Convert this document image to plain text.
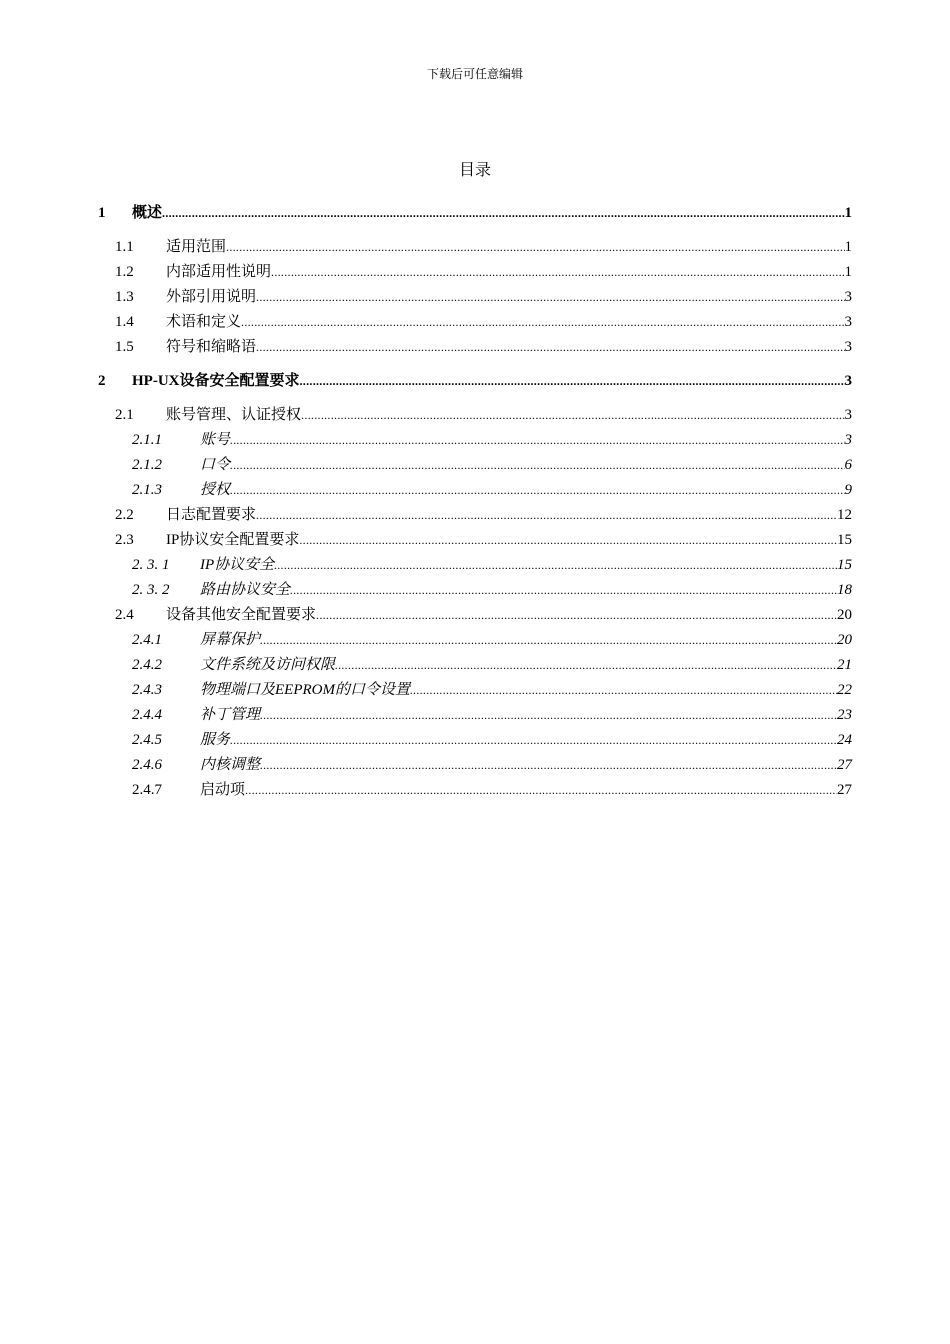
下载后可任意编辑
目录
1 概述 .....	1
1.1 适用范围 .....	1
1.2 内部适用性说明 .....	1
1.3 外部引用说明 .....	3
1.4 术语和定义 .....	3
1.5 符号和缩略语 .....	3
2 HP-UX设备安全配置要求 .....	3
2.1 账号管理、认证授权 .....	3
2.1.1	账号 .....	3
2.1.2	口令 .....	6
2.1.3	授权 .....	9
2.2 日志配置要求 .....	12
2.3 IP协议安全配置要求 .....	15
2. 3. 1 IP协议安全 .....	15
2. 3. 2 路由协议安全 .....	18
2.4 设备其他安全配置要求 .....	20
2.4.1	屏幕保护 .....	20
2.4.2	文件系统及访问权限 .....	21
2.4.3	物理端口及EEPROM的口令设置 .....	22
2.4.4	补丁管理 .....	23
2.4.5	服务 .....	24
2.4.6	内核调整 .....	27
2.4.7	启动项 .....	27
